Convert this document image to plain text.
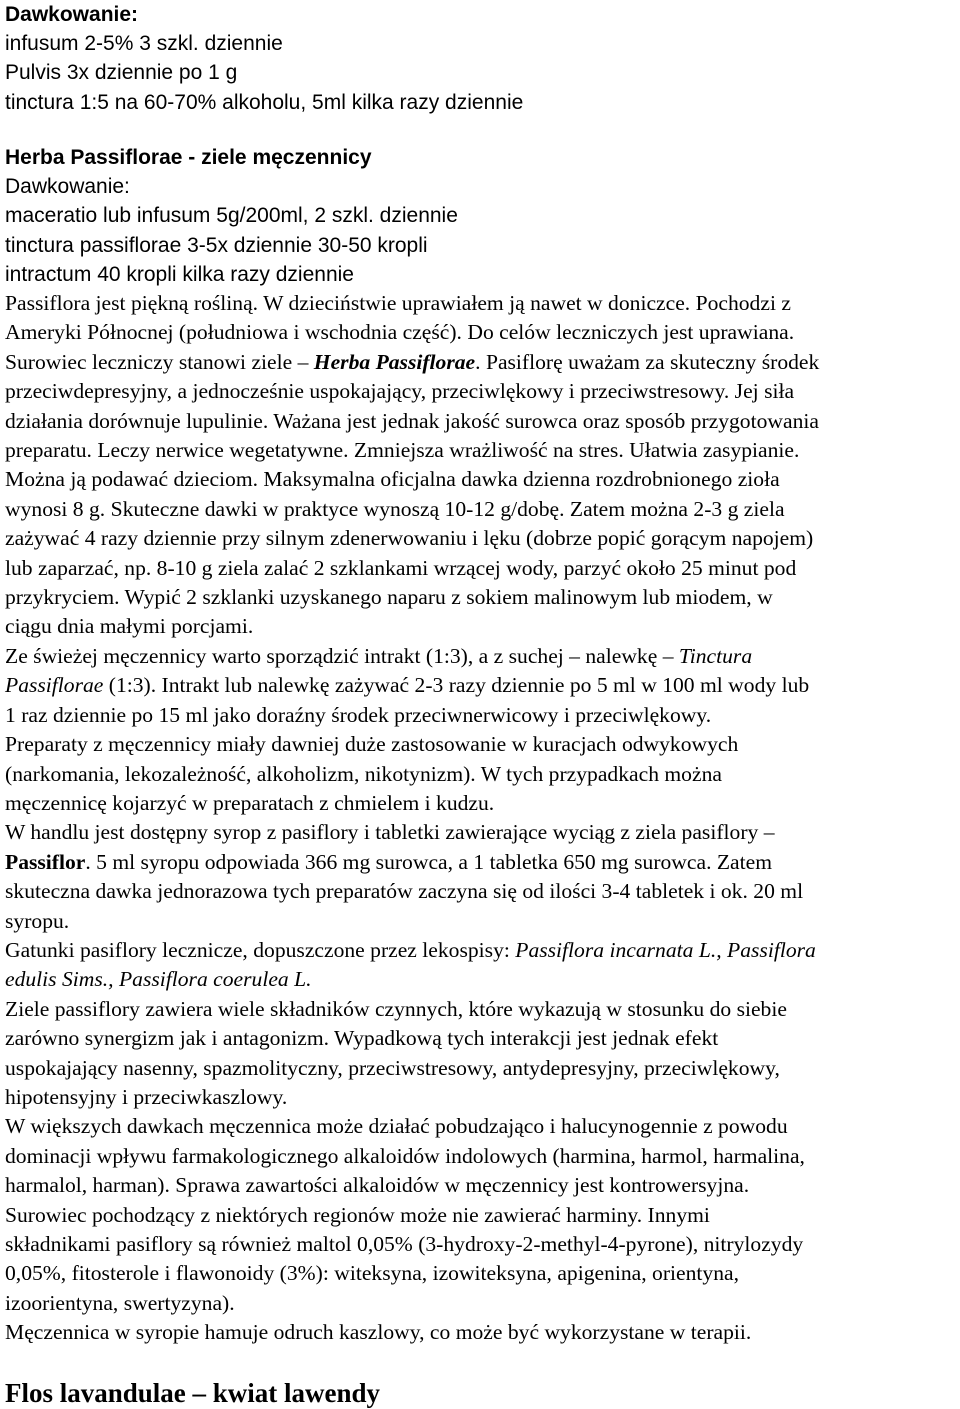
Dawkowanie:
infusum 2-5% 3 szkl. dziennie
Pulvis 3x dziennie po 1 g
tinctura 1:5 na 60-70% alkoholu, 5ml kilka razy dziennie
Herba Passiflorae - ziele męczennicy
Dawkowanie:
maceratio lub infusum 5g/200ml, 2 szkl. dziennie
tinctura passiflorae 3-5x dziennie 30-50 kropli
intractum 40 kropli kilka razy dziennie
Passiflora jest piękną rośliną. W dzieciństwie uprawiałem ją nawet w doniczce. Pochodzi z
Ameryki Północnej (południowa i wschodnia część). Do celów leczniczych jest uprawiana.
Surowiec leczniczy stanowi ziele – Herba Passiflorae. Pasiflorę uważam za skuteczny środek
przeciwdepresyjny, a jednocześnie uspokajający, przeciwlękowy i przeciwstresowy. Jej siła
działania dorównuje lupulinie. Ważana jest jednak jakość surowca oraz sposób przygotowania
preparatu. Leczy nerwice wegetatywne. Zmniejsza wrażliwość na stres. Ułatwia zasypianie.
Można ją podawać dzieciom. Maksymalna oficjalna dawka dzienna rozdrobnionego zioła
wynosi 8 g. Skuteczne dawki w praktyce wynoszą 10-12 g/dobę. Zatem można 2-3 g ziela
zażywać 4 razy dziennie przy silnym zdenerwowaniu i lęku (dobrze popić gorącym napojem)
lub zaparzać, np. 8-10 g ziela zalać 2 szklankami wrzącej wody, parzyć około 25 minut pod
przykryciem. Wypić 2 szklanki uzyskanego naparu z sokiem malinowym lub miodem, w
ciągu dnia małymi porcjami.
Ze świeżej męczennicy warto sporządzić intrakt (1:3), a z suchej – nalewkę – Tinctura
Passiflorae (1:3). Intrakt lub nalewkę zażywać 2-3 razy dziennie po 5 ml w 100 ml wody lub
1 raz dziennie po 15 ml jako doraźny środek przeciwnerwicowy i przeciwlękowy.
Preparaty z męczennicy miały dawniej duże zastosowanie w kuracjach odwykowych
(narkomania, lekozależność, alkoholizm, nikotynizm). W tych przypadkach można
męczennicę kojarzyć w preparatach z chmielem i kudzu.
W handlu jest dostępny syrop z pasiflory i tabletki zawierające wyciąg z ziela pasiflory –
Passiflor. 5 ml syropu odpowiada 366 mg surowca, a 1 tabletka 650 mg surowca. Zatem
skuteczna dawka jednorazowa tych preparatów zaczyna się od ilości 3-4 tabletek i ok. 20 ml
syropu.
Gatunki pasiflory lecznicze, dopuszczone przez lekospisy: Passiflora incarnata L., Passiflora
edulis Sims., Passiflora coerulea L.
Ziele passiflory zawiera wiele składników czynnych, które wykazują w stosunku do siebie
zarówno synergizm jak i antagonizm. Wypadkową tych interakcji jest jednak efekt
uspokajający nasenny, spazmolityczny, przeciwstresowy, antydepresyjny, przeciwlękowy,
hipotensyjny i przeciwkaszlowy.
W większych dawkach męczennica może działać pobudzająco i halucynogennie z powodu
dominacji wpływu farmakologicznego alkaloidów indolowych (harmina, harmol, harmalina,
harmalol, harman). Sprawa zawartości alkaloidów w męczennicy jest kontrowersyjna.
Surowiec pochodzący z niektórych regionów może nie zawierać harminy. Innymi
składnikami pasiflory są również maltol 0,05% (3-hydroxy-2-methyl-4-pyrone), nitrylozydy
0,05%, fitosterole i flawonoidy (3%): witeksyna, izowiteksyna, apigenina, orientyna,
izoorientyna, swertyzyna).
Męczennica w syropie hamuje odruch kaszlowy, co może być wykorzystane w terapii.
Flos lavandulae – kwiat lawendy
